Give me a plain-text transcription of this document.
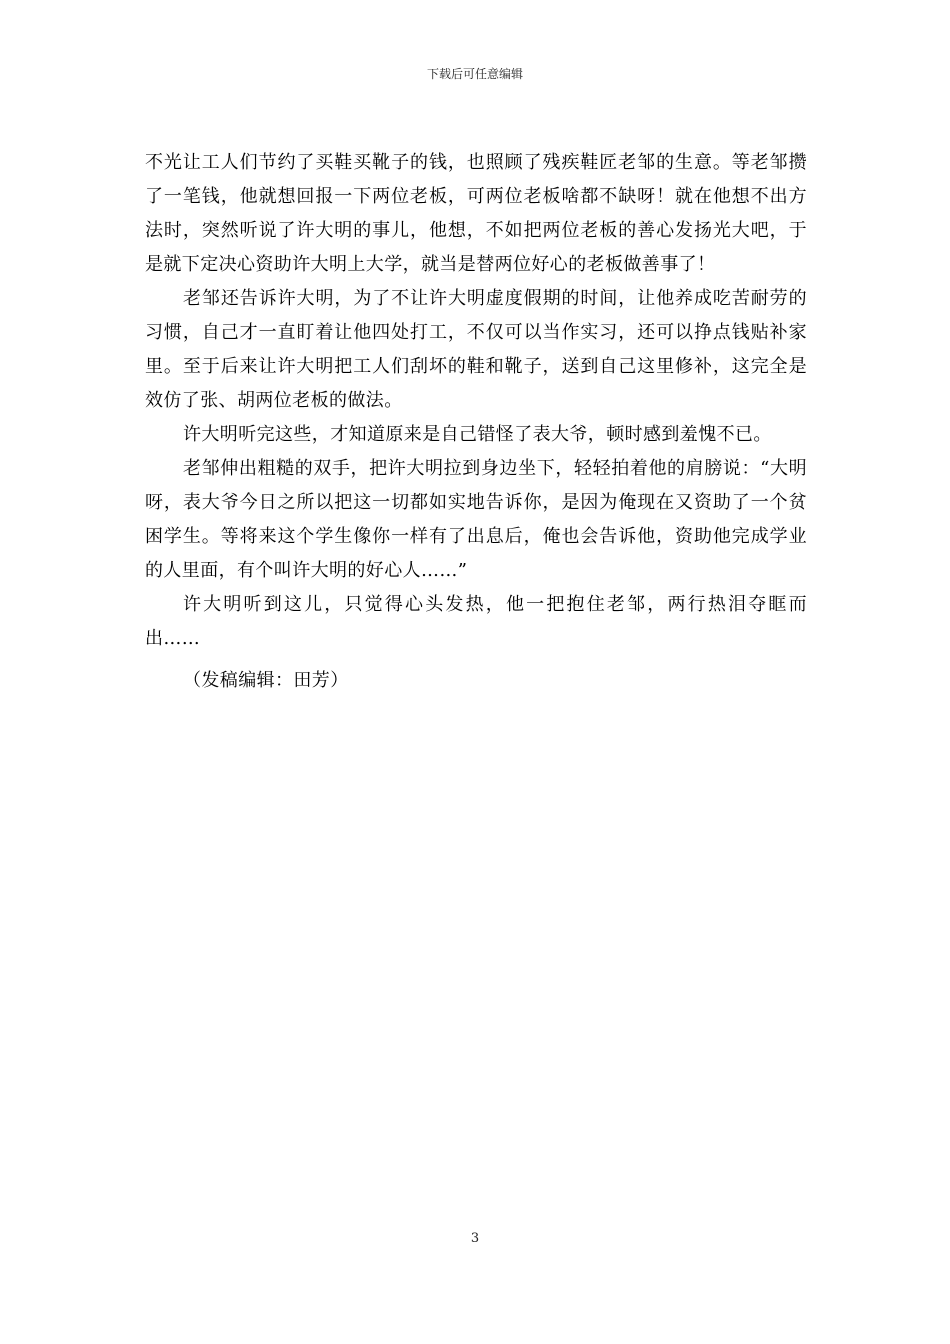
下载后可任意编辑

不光让工人们节约了买鞋买靴子的钱，也照顾了残疾鞋匠老邹的生意。等老邹攒了一笔钱，他就想回报一下两位老板，可两位老板啥都不缺呀！就在他想不出方法时，突然听说了许大明的事儿，他想，不如把两位老板的善心发扬光大吧，于是就下定决心资助许大明上大学，就当是替两位好心的老板做善事了！

老邹还告诉许大明，为了不让许大明虚度假期的时间，让他养成吃苦耐劳的习惯，自己才一直盯着让他四处打工，不仅可以当作实习，还可以挣点钱贴补家里。至于后来让许大明把工人们刮坏的鞋和靴子，送到自己这里修补，这完全是效仿了张、胡两位老板的做法。

许大明听完这些，才知道原来是自己错怪了表大爷，顿时感到羞愧不已。

老邹伸出粗糙的双手，把许大明拉到身边坐下，轻轻拍着他的肩膀说：“大明呀，表大爷今日之所以把这一切都如实地告诉你，是因为俺现在又资助了一个贫困学生。等将来这个学生像你一样有了出息后，俺也会告诉他，资助他完成学业的人里面，有个叫许大明的好心人……”

许大明听到这儿，只觉得心头发热，他一把抱住老邹，两行热泪夺眶而出……

（发稿编辑：田芳）

3
